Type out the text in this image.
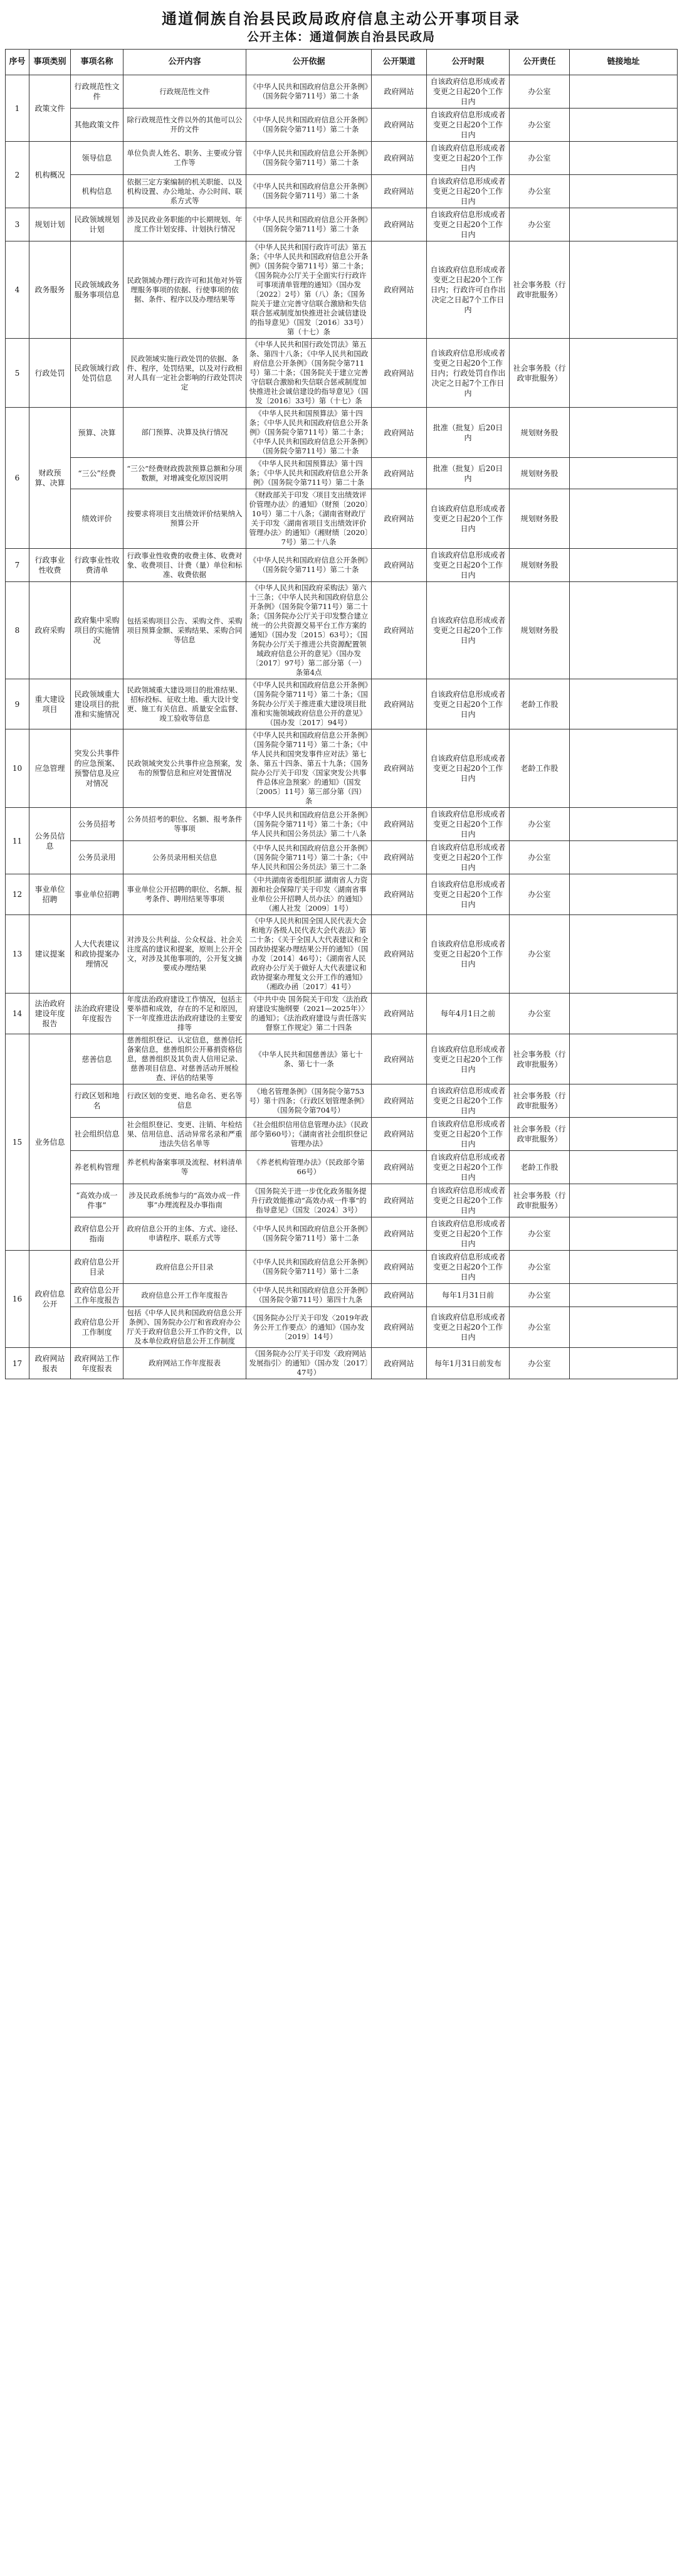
通道侗族自治县民政局政府信息主动公开事项目录
公开主体：通道侗族自治县民政局
序号	事项类别	事项名称	公开内容	公开依据	公开渠道	公开时限	公开责任	链接地址
1	政策文件	行政规范性文件	行政规范性文件	《中华人民共和国政府信息公开条例》（国务院令第711号）第二十条	政府网站	自该政府信息形成或者变更之日起20个工作日内	办公室	
		其他政策文件	除行政规范性文件以外的其他可以公开的文件	《中华人民共和国政府信息公开条例》（国务院令第711号）第二十条	政府网站	自该政府信息形成或者变更之日起20个工作日内	办公室	
2	机构概况	领导信息	单位负责人姓名、职务、主要或分管工作等	《中华人民共和国政府信息公开条例》（国务院令第711号）第二十条	政府网站	自该政府信息形成或者变更之日起20个工作日内	办公室	
		机构信息	依据三定方案编制的机关职能、以及机构设置、办公地址、办公时间、联系方式等	《中华人民共和国政府信息公开条例》（国务院令第711号）第二十条	政府网站	自该政府信息形成或者变更之日起20个工作日内	办公室	
3	规划计划	民政领域规划计划	涉及民政业务职能的中长期规划、年度工作计划安排、计划执行情况	《中华人民共和国政府信息公开条例》（国务院令第711号）第二十条	政府网站	自该政府信息形成或者变更之日起20个工作日内	办公室	
4	政务服务	民政领域政务服务事项信息	民政领域办理行政许可和其他对外管理服务事项的依据、行使事项的依据、条件、程序以及办理结果等	《中华人民共和国行政许可法》第五条；《中华人民共和国政府信息公开条例》（国务院令第711号）第二十条；《国务院办公厅关于全面实行行政许可事项清单管理的通知》（国办发〔2022〕2号）第（八）条；《国务院关于建立完善守信联合激励和失信联合惩戒制度加快推进社会诚信建设的指导意见》（国发〔2016〕33号）第（十七）条	政府网站	自该政府信息形成或者变更之日起20个工作日内；行政许可自作出决定之日起7个工作日内	社会事务股（行政审批服务）	
5	行政处罚	民政领域行政处罚信息	民政领域实施行政处罚的依据、条件、程序，处罚结果，以及对行政相对人具有一定社会影响的行政处罚决定	《中华人民共和国行政处罚法》第五条、第四十八条；《中华人民共和国政府信息公开条例》（国务院令第711号）第二十条；《国务院关于建立完善守信联合激励和失信联合惩戒制度加快推进社会诚信建设的指导意见》（国发〔2016〕33号）第（十七）条	政府网站	自该政府信息形成或者变更之日起20个工作日内；行政处罚自作出决定之日起7个工作日内	社会事务股（行政审批服务）	
6	财政预算、决算	预算、决算	部门预算、决算及执行情况	《中华人民共和国预算法》第十四条；《中华人民共和国政府信息公开条例》（国务院令第711号）第二十条；《中华人民共和国政府信息公开条例》（国务院令第711号）第二十条	政府网站	批准（批复）后20日内	规划财务股	
		“三公”经费	“三公”经费财政拨款预算总额和分项数额，对增减变化原因说明	《中华人民共和国预算法》第十四条；《中华人民共和国政府信息公开条例》（国务院令第711号）第二十条	政府网站	批准（批复）后20日内	规划财务股	
		绩效评价	按要求将项目支出绩效评价结果纳入预算公开	《财政部关于印发〈项目支出绩效评价管理办法〉的通知》（财预〔2020〕10号）第二十八条；《湖南省财政厅关于印发〈湖南省项目支出绩效评价管理办法〉的通知》（湘财绩〔2020〕7号）第二十八条	政府网站	自该政府信息形成或者变更之日起20个工作日内	规划财务股	
7	行政事业性收费	行政事业性收费清单	行政事业性收费的收费主体、收费对象、收费项目、计费（量）单位和标准、收费依据	《中华人民共和国政府信息公开条例》（国务院令第711号）第二十条	政府网站	自该政府信息形成或者变更之日起20个工作日内	规划财务股	
8	政府采购	政府集中采购项目的实施情况	包括采购项目公告、采购文件、采购项目预算金额、采购结果、采购合同等信息	《中华人民共和国政府采购法》第六十三条；《中华人民共和国政府信息公开条例》（国务院令第711号）第二十条；《国务院办公厅关于印发整合建立统一的公共资源交易平台工作方案的通知》（国办发〔2015〕63号）；《国务院办公厅关于推进公共资源配置领域政府信息公开的意见》（国办发〔2017〕97号）第二部分第（一）条第4点	政府网站	自该政府信息形成或者变更之日起20个工作日内	规划财务股	
9	重大建设项目	民政领域重大建设项目的批准和实施情况	民政领域重大建设项目的批准结果、招标投标、征收土地、重大设计变更、施工有关信息、质量安全监督、竣工验收等信息	《中华人民共和国政府信息公开条例》（国务院令第711号）第二十条；《国务院办公厅关于推进重大建设项目批准和实施领域政府信息公开的意见》（国办发〔2017〕94号）	政府网站	自该政府信息形成或者变更之日起20个工作日内	老龄工作股	
10	应急管理	突发公共事件的应急预案、预警信息及应对情况	民政领域突发公共事件应急预案，发布的预警信息和应对处置情况	《中华人民共和国政府信息公开条例》（国务院令第711号）第二十条；《中华人民共和国突发事件应对法》第七条、第五十四条、第五十九条；《国务院办公厅关于印发〈国家突发公共事件总体应急预案〉的通知》（国发〔2005〕11号）第三部分第（四）条	政府网站	自该政府信息形成或者变更之日起20个工作日内	老龄工作股	
11	公务员信息	公务员招考	公务员招考的职位、名额、报考条件等事项	《中华人民共和国政府信息公开条例》（国务院令第711号）第二十条；《中华人民共和国公务员法》第二十八条	政府网站	自该政府信息形成或者变更之日起20个工作日内	办公室	
		公务员录用	公务员录用相关信息	《中华人民共和国政府信息公开条例》（国务院令第711号）第二十条；《中华人民共和国公务员法》第三十二条	政府网站	自该政府信息形成或者变更之日起20个工作日内	办公室	
12	事业单位招聘	事业单位招聘	事业单位公开招聘的职位、名额、报考条件、聘用结果等事项	《中共湖南省委组织部 湖南省人力资源和社会保障厅关于印发〈湖南省事业单位公开招聘人员办法〉的通知》（湘人社发〔2009〕1号）	政府网站	自该政府信息形成或者变更之日起20个工作日内	办公室	
13	建议提案	人大代表建议和政协提案办理情况	对涉及公共利益、公众权益、社会关注度高的建议和提案，原则上公开全文，对涉及其他事项的，公开复文摘要或办理结果	《中华人民共和国全国人民代表大会和地方各级人民代表大会代表法》第二十条；《关于全国人大代表建议和全国政协提案办理结果公开的通知》（国办发〔2014〕46号）；《湖南省人民政府办公厅关于做好人大代表建议和政协提案办理复文公开工作的通知》（湘政办函〔2017〕41号）	政府网站	自该政府信息形成或者变更之日起20个工作日内	办公室	
14	法治政府建设年度报告	法治政府建设年度报告	年度法治政府建设工作情况，包括主要举措和成效，存在的不足和原因，下一年度推进法治政府建设的主要安排等	《中共中央 国务院关于印发〈法治政府建设实施纲要（2021—2025年）〉的通知》；《法治政府建设与责任落实督察工作规定》第二十四条	政府网站	每年4月1日之前	办公室	
15	业务信息	慈善信息	慈善组织登记、认定信息，慈善信托备案信息，慈善组织公开募捐资格信息，慈善组织及其负责人信用记录、慈善项目信息、对慈善活动开展检查、评估的结果等	《中华人民共和国慈善法》第七十条、第七十一条	政府网站	自该政府信息形成或者变更之日起20个工作日内	社会事务股（行政审批服务）	
		行政区划和地名	行政区划的变更、地名命名、更名等信息	《地名管理条例》（国务院令第753号）第十四条；《行政区划管理条例》（国务院令第704号）	政府网站	自该政府信息形成或者变更之日起20个工作日内	社会事务股（行政审批服务）	
		社会组织信息	社会组织登记、变更、注销、年检结果、信用信息、活动异常名录和严重违法失信名单等	《社会组织信用信息管理办法》（民政部令第60号）；《湖南省社会组织登记管理办法》	政府网站	自该政府信息形成或者变更之日起20个工作日内	社会事务股（行政审批服务）	
		养老机构管理	养老机构备案事项及流程、材料清单等	《养老机构管理办法》（民政部令第66号）	政府网站	自该政府信息形成或者变更之日起20个工作日内	老龄工作股	
		“高效办成一件事”	涉及民政系统参与的“高效办成一件事”办理流程及办事指南	《国务院关于进一步优化政务服务提升行政效能推动“高效办成一件事”的指导意见》（国发〔2024〕3号）	政府网站	自该政府信息形成或者变更之日起20个工作日内	社会事务股（行政审批服务）	
		政府信息公开指南	政府信息公开的主体、方式、途径、申请程序、联系方式等	《中华人民共和国政府信息公开条例》（国务院令第711号）第十二条	政府网站	自该政府信息形成或者变更之日起20个工作日内	办公室	
16	政府信息公开	政府信息公开目录	政府信息公开目录	《中华人民共和国政府信息公开条例》（国务院令第711号）第十二条	政府网站	自该政府信息形成或者变更之日起20个工作日内	办公室	
		政府信息公开工作年度报告	政府信息公开工作年度报告	《中华人民共和国政府信息公开条例》（国务院令第711号）第四十九条	政府网站	每年1月31日前	办公室	
		政府信息公开工作制度	包括《中华人民共和国政府信息公开条例》、国务院办公厅和省政府办公厅关于政府信息公开工作的文件，以及本单位政府信息公开工作制度	《国务院办公厅关于印发〈2019年政务公开工作要点〉的通知》（国办发〔2019〕14号）	政府网站	自该政府信息形成或者变更之日起20个工作日内	办公室	
17	政府网站报表	政府网站工作年度报表	政府网站工作年度报表	《国务院办公厅关于印发〈政府网站发展指引〉的通知》（国办发〔2017〕47号）	政府网站	每年1月31日前发布	办公室	
